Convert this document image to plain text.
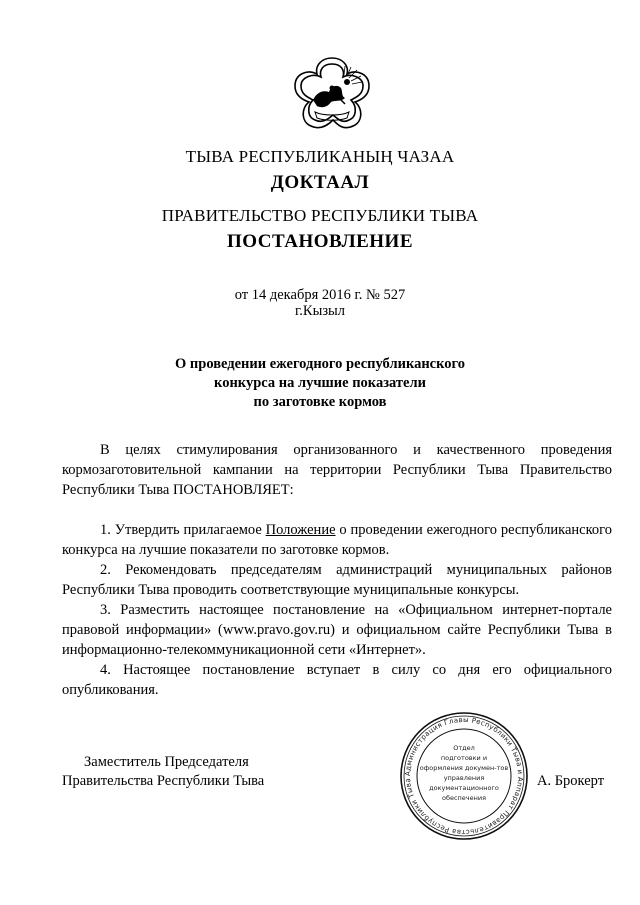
ТЫВА РЕСПУБЛИКАНЫҢ ЧАЗАА
ДОКТААЛ
ПРАВИТЕЛЬСТВО РЕСПУБЛИКИ ТЫВА
ПОСТАНОВЛЕНИЕ
от 14 декабря 2016 г. № 527
г.Кызыл
О проведении ежегодного республиканского
конкурса на лучшие показатели
по заготовке кормов

В целях стимулирования организованного и качественного проведения кормозаготовительной кампании на территории Республики Тыва Правительство Республики Тыва ПОСТАНОВЛЯЕТ:

1. Утвердить прилагаемое Положение о проведении ежегодного республиканского конкурса на лучшие показатели по заготовке кормов.

2. Рекомендовать председателям администраций муниципальных районов Республики Тыва проводить соответствующие муниципальные конкурсы.

3. Разместить настоящее постановление на «Официальном интернет-портале правовой информации» (www.pravo.gov.ru) и официальном сайте Республики Тыва в информационно-телекоммуникационной сети «Интернет».

4. Настоящее постановление вступает в силу со дня его официального опубликования.

Заместитель Председателя
Правительства Республики Тыва	А. Брокерт
Администрация Главы Республики Тыва и Аппарат Правительства Республики Тыва
Отдел
подготовки и
оформления докумен-тов
управления
документационного
обеспечения
